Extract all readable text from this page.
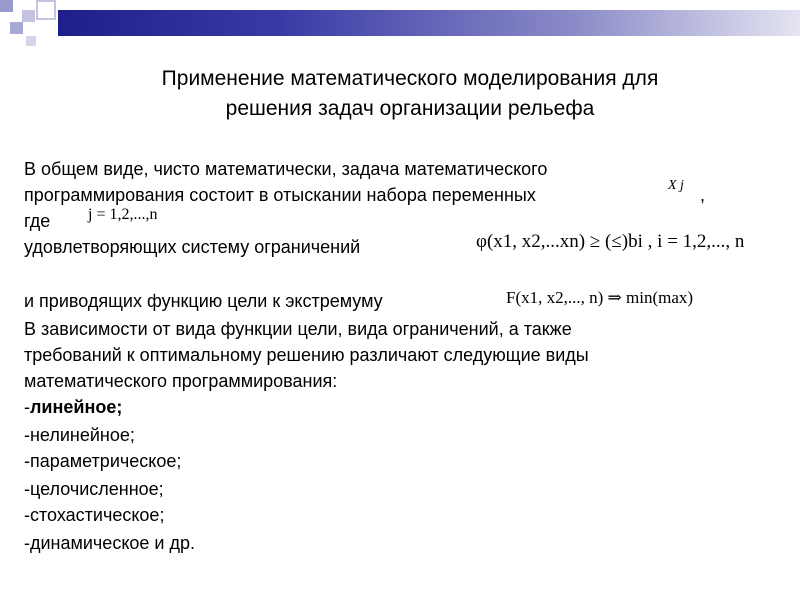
Применение математического моделирования для
решения задач организации рельефа
В общем виде, чисто математически, задача математического
программирования состоит в отыскании набора переменных	,
где
удовлетворяющих систему ограничений
и приводящих функцию цели к экстремуму
В зависимости от вида функции цели, вида ограничений, а также
требований к оптимальному решению различают следующие виды
математического программирования:
-линейное;
-нелинейное;
-параметрическое;
-целочисленное;
-стохастическое;
-динамическое и др.
X j
j = 1,2,...,n
φ(x1, x2,...xn) ≥ (≤)bi , i = 1,2,..., n
F(x1, x2,..., n) ⇒ min(max)
